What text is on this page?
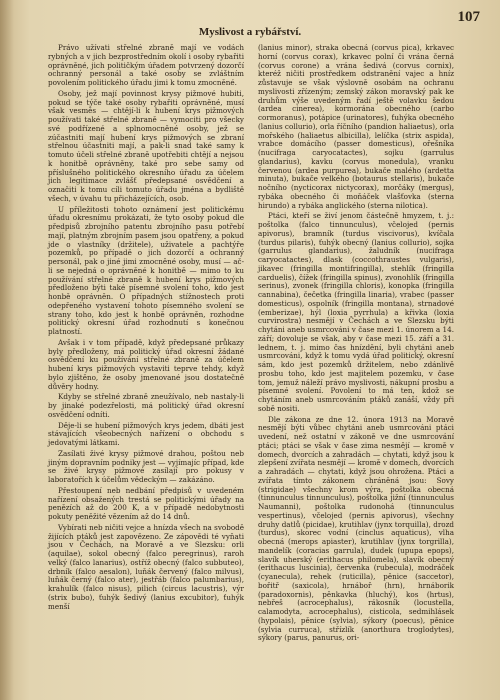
107
Myslivost a rybářství.

Právo užívati střelné zbraně mají ve vodách rybných a v jich bezprostředním okolí i osoby rybařiti oprávněné, jich političkým úřadem potvrzený dozorčí ochranný personál a také osoby se zvláštním povolením politického úřadu jimi k tomu zmocněné.

Osoby, jež mají povinnost krysy pižmové hubiti, pokud se týče také osoby rybařiti oprávněné, musí však vesměs — chtějí-li k hubení krys pižmových používati také střelné zbraně — vymociti pro všecky své podřízené a splnomocněné osoby, jež se zúčastniti mají hubení krys pižmových se zbraní střelnou účastniti mají, a pak-li snad také samy k tomuto účeli střelné zbraně upotřebiti chtějí a nejsou k honitbě oprávněny, také pro sebe samy od příslušného politického okresního úřadu za účelem jich legitimace zvlášť předepsané osvědčení a označiti k tomu cíli tomuto úřadu jména a bydliště všech, v úvahu tu přicházejících, osob.

U příležitosti tohoto oznámení jest politickému úřadu okresnímu prokázati, že tyto osoby pokud dle předpisů zbrojního patentu zbrojního pasu potřebí mají, platným zbrojním pasem jsou opatřeny, a pokud jde o vlastníky (držitele), uživatele a pachtýře pozemků, po případě o jich dozorčí a ochranný personál, pak o jiné jimi zmocněné osoby, musí — ač-li se nejedná o oprávněné k honitbě — mimo to ku používání střelné zbraně k hubení krys pižmových předloženo býti také písemné svolení toho, kdo jest honbě oprávněn. O případných stížnostech proti odepřeného vystavení tohoto písemného svolení se strany toho, kdo jest k honbě oprávněn, rozhodne politický okresní úřad rozhodnutí s konečnou platností.

Avšak i v tom případě, když předepsané průkazy byly předloženy, má politický úřad okresní žádané osvědčení ku používání střelné zbraně za účelem hubení krys pižmových vystaviti teprve tehdy, když bylo zjištěno, že osoby jmenované jsou dostatečně důvěry hodny.

Kdyby se střelné zbraně zneužívalo, neb nastaly-li by jinaké podezřelosti, má politický úřad okresní osvědčení odníti.

Děje-li se hubení pižmových krys jedem, dbáti jest stávajících všeobecných nařízení o obchodu s jedovatými látkami.

Zasílati živé krysy pižmové drahou, poštou neb jiným dopravním podniky jest — vyjímajíc případ, kde se živé krysy pižmové zasílají pro pokusy v laboratořích k účelům vědeckým — zakázáno.

Přestoupení neb nedbání předpisů v uvedeném nařízení obsažených trestá se politickými úřady na penězích až do 200 K, a v případě nedobytnosti pokuty peněžité vězením až do 14 dnů.

Vybírati neb ničiti vejce a hnízda všech na svobodě žijících ptáků jest zapovězeno. Ze zápovědi té vyňati jsou v Čechách, na Moravě a ve Slezsku: orli (aquilae), sokol obecný (falco peregrinus), raroh velký (falco lanarius), ostříž obecný (falco subbuteo), drbník (falco aesalon), luňák červený (falco milvus), luňák černý (falco ater), jestřáb (falco palumbarius), krahulík (falco nisus), pilich (circus lacustris), výr (strix bubo), ťuhýk šedivý (lanius excubitor), ťuhýk menší

(lanius minor), straka obecná (corvus pica), krkavec horní (corvus corax), krkavec polní či vrána černá (corvus corone) a vrána šedivá (corvus cornix), kteréž ničiti prostředkem odstranění vajec a hníz zůstavuje se však výslovně osobám na ochranu myslivosti zřízeným; zemský zákon moravský pak ke druhům výše uvedeným řadí ještě volavku šedou (ardea cinerea), kormorána obecného (carbo cormoranus), potápice (urinatores), ťuhýka obecného (lanius collurio), orla říčního (pandion haliaetus), orla mořského (haliaetus albicilla), lelíčka (strix aspida), vrabce domácího (passer domesticus), ořešníka (nucifraga caryocatactes), sojku (garrulus glandarius), kavku (corvus monedula), vranku červenou (ardea purpurea), bukače malého (ardetta minuta), bukače velkého (botaurus stellaris), bukače nočního (nycticorax nictycorax), morčáky (mergus), rybáka obecného či moňáček vlašťovka (sterna hirundo) a rybáka anglického (sterna nilotica).

Ptáci, kteří se živí jenom částečně hmyzem, t. j.: poštolka (falco tinnunculus), včelojed (pernis apivorus), bramník (turdus viscivorus), kvíčala (turdus pilaris), ťuhýk obecný (lanius collurio), sojka (garrulus glandarius), žaludník (nucifraga caryocatactes), dlask (coccothraustes vulgaris), jikavec (fringilla montifringilla), stehlík (fringilla carduelis), čížek (fringilla spinus), zvonohlík (fringilla serinus), zvonek (fringilla chloris), konopka (fringilla cannabina), čečetka (fringilla linaria), vrabec (passer domesticus), ospolník (fringilla montana), strnadové (emberizae), hýl (loxia pyrrhula) a křivka (loxia curvirostra) nesmějí v Čechách a ve Slezsku býti chytáni aneb usmrcováni v čase mezi 1. únorem a 14. září; dovoluje se však, aby v čase mezi 15. září a 31. lednem, t. j. mimo čas hnízdění, byli chytáni aneb usmrcováni, když k tomu vydá úřad politický, okresní sám, kdo jest pozemků držitelem, nebo zdánlivě prosbu toho, kdo jest majitelem pozemku, v čase tom, jemuž náleží právo myslivosti, nákupní prosbu a písemné svolení. Povolení to má ten, kdož se chytáním aneb usmrcováním ptáků zanáší, vždy při sobě nositi.

Dle zákona ze dne 12. února 1913 na Moravě nesmějí býti vůbec chytáni aneb usmrcováni ptáci uvedení, než ostatní v zákoně ve dne usmrcování ptáci; ptáci se však v čase zima nesmějí — kromě v domech, dvorcích a zahradách — chytati, když jsou k zlepšení zvířata nesmějí — kromě v domech, dvorcích a zahradách — chytati, když jsou ohrožena. Ptáci a zvířata tímto zákonem chráněná jsou: Sovy (strigidae) všechny krom výra, poštolka obecná (tinnunculus tinnunculus), poštolka jižní (tinnunculus Naumanni), poštolka rudonohá (tinnunculus vespertinus), včelojed (pernis apivorus), všechny druhy datlů (picidae), krutihlav (jynx torquilla), drozd (turdus), skorec vodní (cinclus aquaticus), vlha obecná (merops apiaster), krutihlav (jynx torgrilla), mandelík (coracias garrula), dudek (upupa epops), slavík uherský (erithacus philomela), slavík obecný (erithacus luscinia), červenka (rubecula), modráček (cyanecula), rehek (ruticilla), pěnice (saccetor), bořitř (saxicola), hrnáboř (hrn), hrnáborik (paradoxornis), pěnkavka (hluchý), kos (hrtus), nebřeš (acrocephalus), rákosník (locustella, calamodyta, acrocephalus), cisticola, sedmihlásek (hypolais), pěnice (sylvia), sýkory (poecus), pěnice (sylvia curruca), střízlík (anorthura troglodytes), sýkory (parus, panurus, ori-
